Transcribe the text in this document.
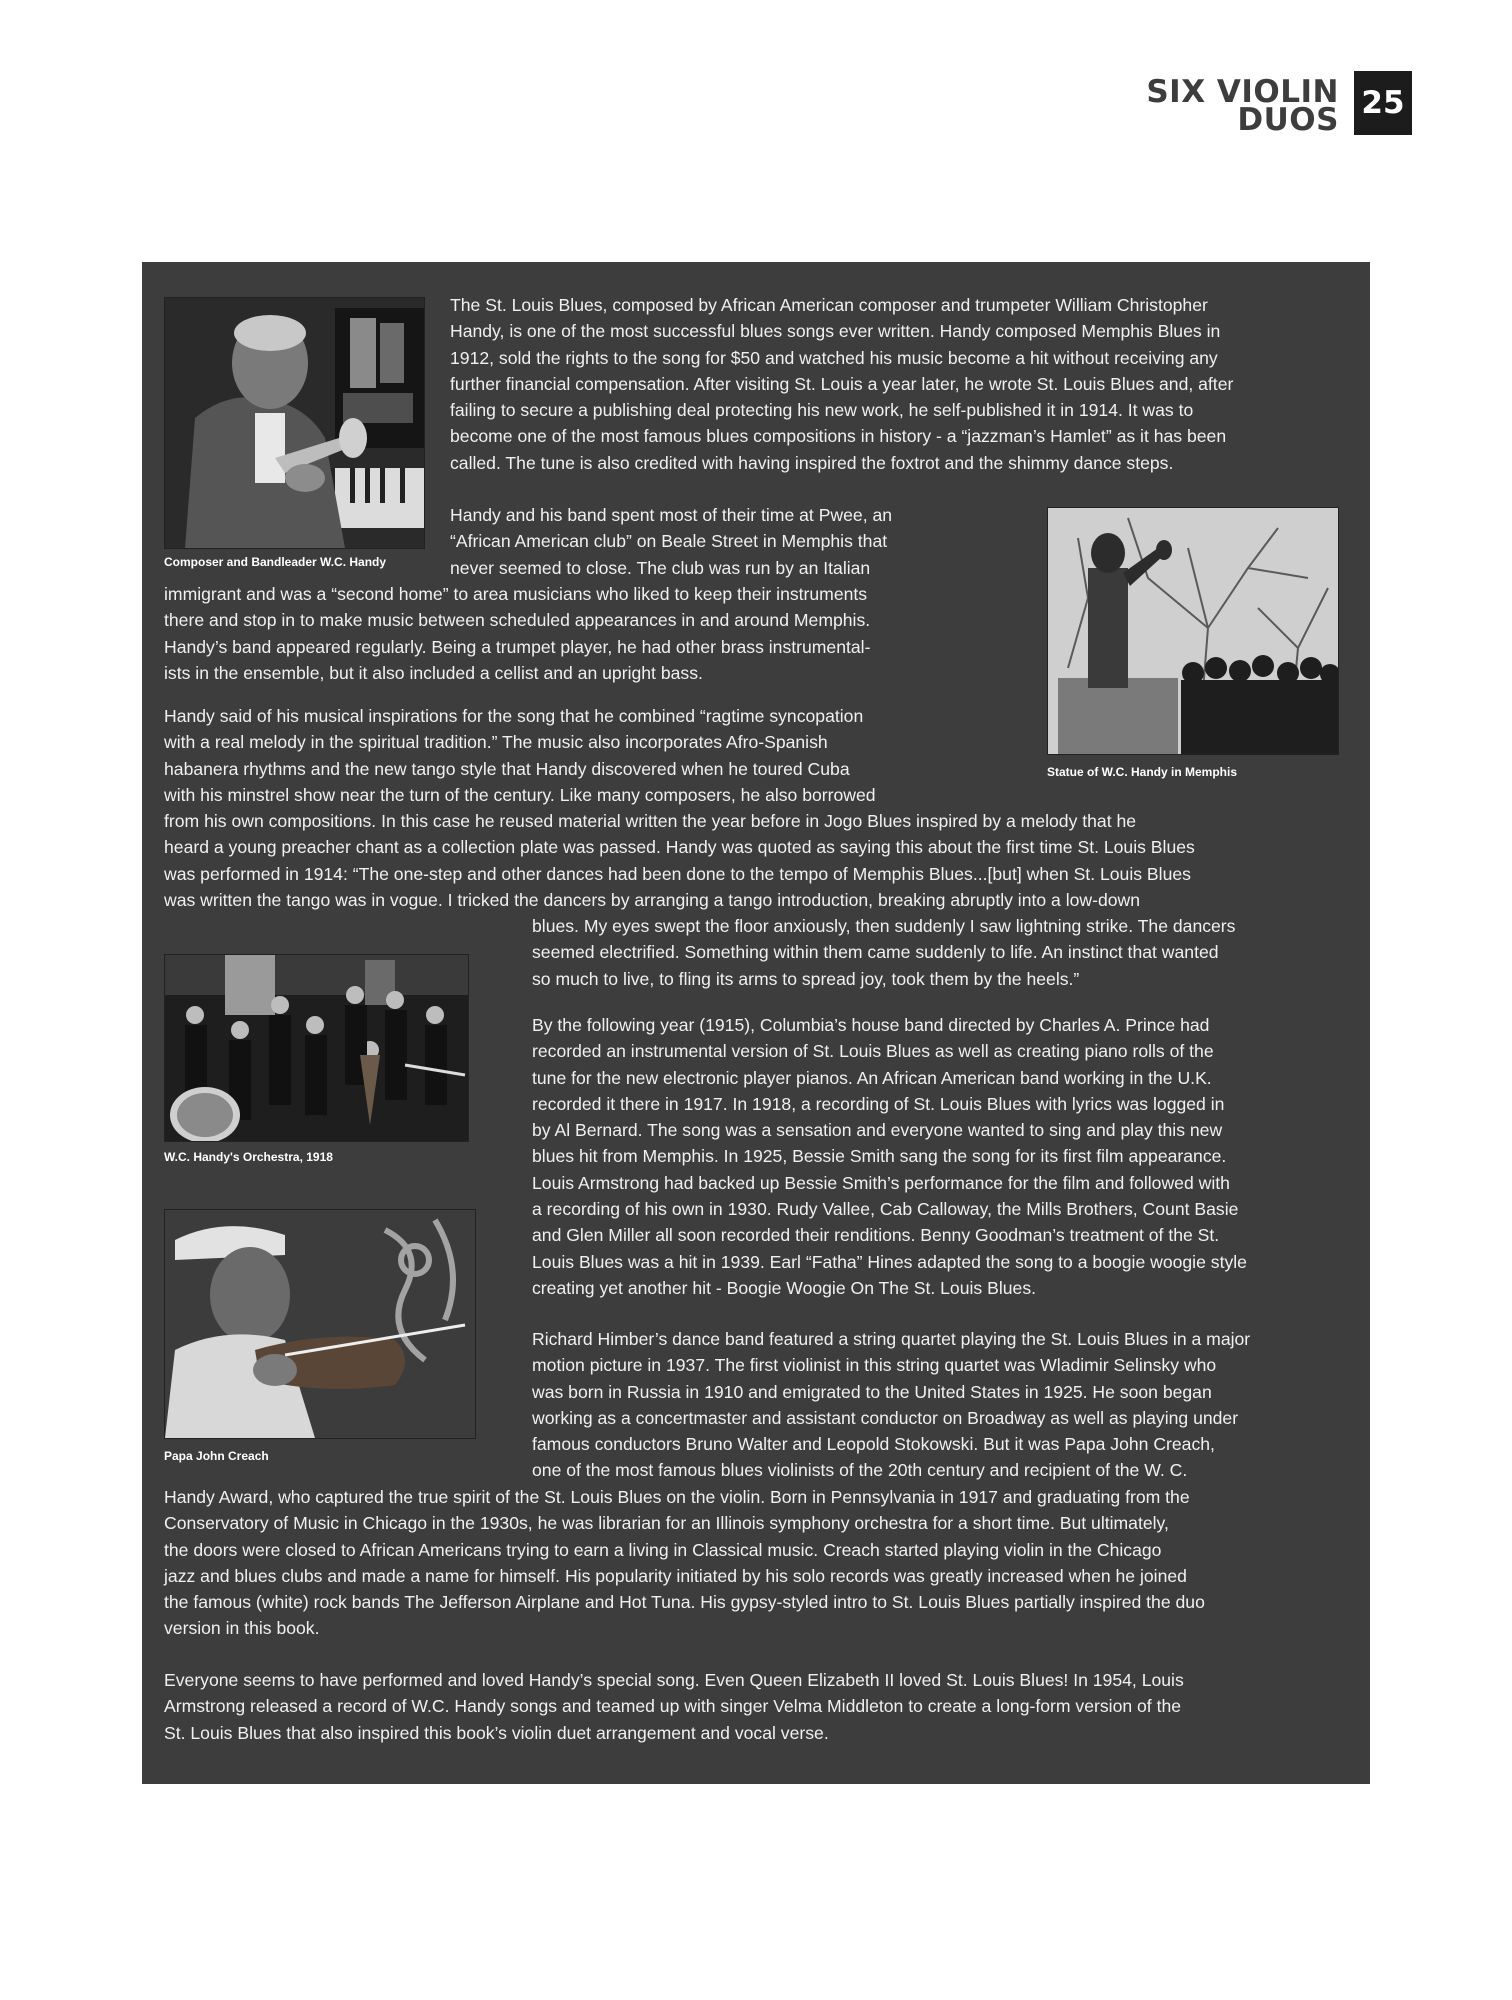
SIX VIOLIN
DUOS 25
Composer and Bandleader W.C. Handy
The St. Louis Blues, composed by African American composer and trumpeter William Christopher
Handy, is one of the most successful blues songs ever written. Handy composed Memphis Blues in
1912, sold the rights to the song for $50 and watched his music become a hit without receiving any
further financial compensation. After visiting St. Louis a year later, he wrote St. Louis Blues and, after
failing to secure a publishing deal protecting his new work, he self-published it in 1914. It was to
become one of the most famous blues compositions in history - a “jazzman’s Hamlet” as it has been
called. The tune is also credited with having inspired the foxtrot and the shimmy dance steps.
Statue of W.C. Handy in Memphis
Handy and his band spent most of their time at Pwee, an
“African American club” on Beale Street in Memphis that
never seemed to close. The club was run by an Italian
immigrant and was a “second home” to area musicians who liked to keep their instruments
there and stop in to make music between scheduled appearances in and around Memphis.
Handy’s band appeared regularly. Being a trumpet player, he had other brass instrumental-
ists in the ensemble, but it also included a cellist and an upright bass.
Handy said of his musical inspirations for the song that he combined “ragtime syncopation
with a real melody in the spiritual tradition.” The music also incorporates Afro-Spanish
habanera rhythms and the new tango style that Handy discovered when he toured Cuba
with his minstrel show near the turn of the century. Like many composers, he also borrowed
from his own compositions. In this case he reused material written the year before in Jogo Blues inspired by a melody that he
heard a young preacher chant as a collection plate was passed. Handy was quoted as saying this about the first time St. Louis Blues
was performed in 1914: “The one-step and other dances had been done to the tempo of Memphis Blues...[but] when St. Louis Blues
was written the tango was in vogue. I tricked the dancers by arranging a tango introduction, breaking abruptly into a low-down
blues. My eyes swept the floor anxiously, then suddenly I saw lightning strike. The dancers
seemed electrified. Something within them came suddenly to life. An instinct that wanted
so much to live, to fling its arms to spread joy, took them by the heels.”
W.C. Handy's Orchestra, 1918
By the following year (1915), Columbia’s house band directed by Charles A. Prince had
recorded an instrumental version of St. Louis Blues as well as creating piano rolls of the
tune for the new electronic player pianos. An African American band working in the U.K.
recorded it there in 1917. In 1918, a recording of St. Louis Blues with lyrics was logged in
by Al Bernard. The song was a sensation and everyone wanted to sing and play this new
blues hit from Memphis. In 1925, Bessie Smith sang the song for its first film appearance.
Louis Armstrong had backed up Bessie Smith’s performance for the film and followed with
a recording of his own in 1930. Rudy Vallee, Cab Calloway, the Mills Brothers, Count Basie
and Glen Miller all soon recorded their renditions. Benny Goodman’s treatment of the St.
Louis Blues was a hit in 1939. Earl “Fatha” Hines adapted the song to a boogie woogie style
creating yet another hit - Boogie Woogie On The St. Louis Blues.
Papa John Creach
Richard Himber’s dance band featured a string quartet playing the St. Louis Blues in a major
motion picture in 1937. The first violinist in this string quartet was Wladimir Selinsky who
was born in Russia in 1910 and emigrated to the United States in 1925. He soon began
working as a concertmaster and assistant conductor on Broadway as well as playing under
famous conductors Bruno Walter and Leopold Stokowski. But it was Papa John Creach,
one of the most famous blues violinists of the 20th century and recipient of the W. C.
Handy Award, who captured the true spirit of the St. Louis Blues on the violin. Born in Pennsylvania in 1917 and graduating from the
Conservatory of Music in Chicago in the 1930s, he was librarian for an Illinois symphony orchestra for a short time. But ultimately,
the doors were closed to African Americans trying to earn a living in Classical music. Creach started playing violin in the Chicago
jazz and blues clubs and made a name for himself. His popularity initiated by his solo records was greatly increased when he joined
the famous (white) rock bands The Jefferson Airplane and Hot Tuna. His gypsy-styled intro to St. Louis Blues partially inspired the duo
version in this book.
Everyone seems to have performed and loved Handy’s special song. Even Queen Elizabeth II loved St. Louis Blues! In 1954, Louis
Armstrong released a record of W.C. Handy songs and teamed up with singer Velma Middleton to create a long-form version of the
St. Louis Blues that also inspired this book’s violin duet arrangement and vocal verse.
